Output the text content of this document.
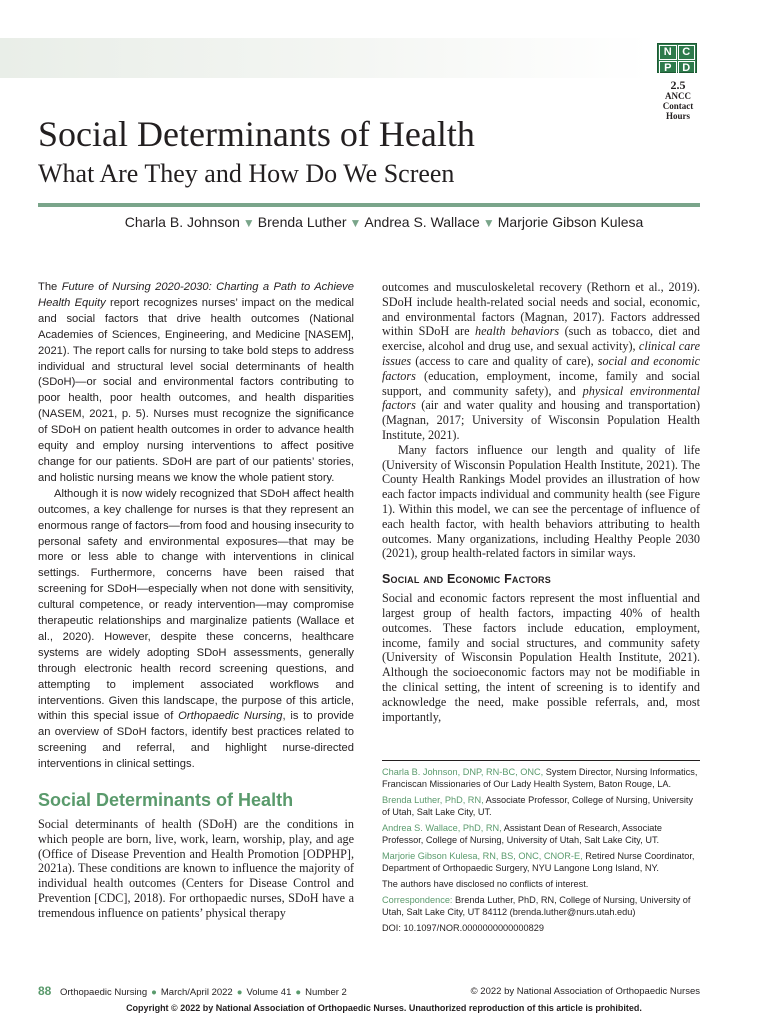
N C
P D
2.5
ANCC
Contact
Hours
Social Determinants of Health
What Are They and How Do We Screen
Charla B. Johnson ▼ Brenda Luther ▼ Andrea S. Wallace ▼ Marjorie Gibson Kulesa

The Future of Nursing 2020-2030: Charting a Path to Achieve Health Equity report recognizes nurses’ impact on the medical and social factors that drive health outcomes (National Academies of Sciences, Engineering, and Medicine [NASEM], 2021). The report calls for nursing to take bold steps to address individual and structural level social determinants of health (SDoH)—or social and environmental factors contributing to poor health, poor health outcomes, and health disparities (NASEM, 2021, p. 5). Nurses must recognize the significance of SDoH on patient health outcomes in order to advance health equity and employ nursing interventions to affect positive change for our patients. SDoH are part of our patients’ stories, and holistic nursing means we know the whole patient story.

Although it is now widely recognized that SDoH affect health outcomes, a key challenge for nurses is that they represent an enormous range of factors—from food and housing insecurity to personal safety and environmental exposures—that may be more or less able to change with interventions in clinical settings. Furthermore, concerns have been raised that screening for SDoH—especially when not done with sensitivity, cultural competence, or ready intervention—may compromise therapeutic relationships and marginalize patients (Wallace et al., 2020). However, despite these concerns, healthcare systems are widely adopting SDoH assessments, generally through electronic health record screening questions, and attempting to implement associated workflows and interventions. Given this landscape, the purpose of this article, within this special issue of Orthopaedic Nursing, is to provide an overview of SDoH factors, identify best practices related to screening and referral, and highlight nurse-directed interventions in clinical settings.

Social Determinants of Health

Social determinants of health (SDoH) are the conditions in which people are born, live, work, learn, worship, play, and age (Office of Disease Prevention and Health Promotion [ODPHP], 2021a). These conditions are known to influence the majority of individual health outcomes (Centers for Disease Control and Prevention [CDC], 2018). For orthopaedic nurses, SDoH have a tremendous influence on patients’ physical therapy

outcomes and musculoskeletal recovery (Rethorn et al., 2019). SDoH include health-related social needs and social, economic, and environmental factors (Magnan, 2017). Factors addressed within SDoH are health behaviors (such as tobacco, diet and exercise, alcohol and drug use, and sexual activity), clinical care issues (access to care and quality of care), social and economic factors (education, employment, income, family and social support, and community safety), and physical environmental factors (air and water quality and housing and transportation) (Magnan, 2017; University of Wisconsin Population Health Institute, 2021).

Many factors influence our length and quality of life (University of Wisconsin Population Health Institute, 2021). The County Health Rankings Model provides an illustration of how each factor impacts individual and community health (see Figure 1). Within this model, we can see the percentage of influence of each health factor, with health behaviors attributing to health outcomes. Many organizations, including Healthy People 2030 (2021), group health-related factors in similar ways.

Social and Economic Factors

Social and economic factors represent the most influential and largest group of health factors, impacting 40% of health outcomes. These factors include education, employment, income, family and social structures, and community safety (University of Wisconsin Population Health Institute, 2021). Although the socioeconomic factors may not be modifiable in the clinical setting, the intent of screening is to identify and acknowledge the need, make possible referrals, and, most importantly,

Charla B. Johnson, DNP, RN-BC, ONC, System Director, Nursing Informatics, Franciscan Missionaries of Our Lady Health System, Baton Rouge, LA.

Brenda Luther, PhD, RN, Associate Professor, College of Nursing, University of Utah, Salt Lake City, UT.

Andrea S. Wallace, PhD, RN, Assistant Dean of Research, Associate Professor, College of Nursing, University of Utah, Salt Lake City, UT.

Marjorie Gibson Kulesa, RN, BS, ONC, CNOR-E, Retired Nurse Coordinator, Department of Orthopaedic Surgery, NYU Langone Long Island, NY.

The authors have disclosed no conflicts of interest.

Correspondence: Brenda Luther, PhD, RN, College of Nursing, University of Utah, Salt Lake City, UT 84112 (brenda.luther@nurs.utah.edu)

DOI: 10.1097/NOR.0000000000000829

88 Orthopaedic Nursing ● March/April 2022 ● Volume 41 ● Number 2	© 2022 by National Association of Orthopaedic Nurses
Copyright © 2022 by National Association of Orthopaedic Nurses. Unauthorized reproduction of this article is prohibited.
